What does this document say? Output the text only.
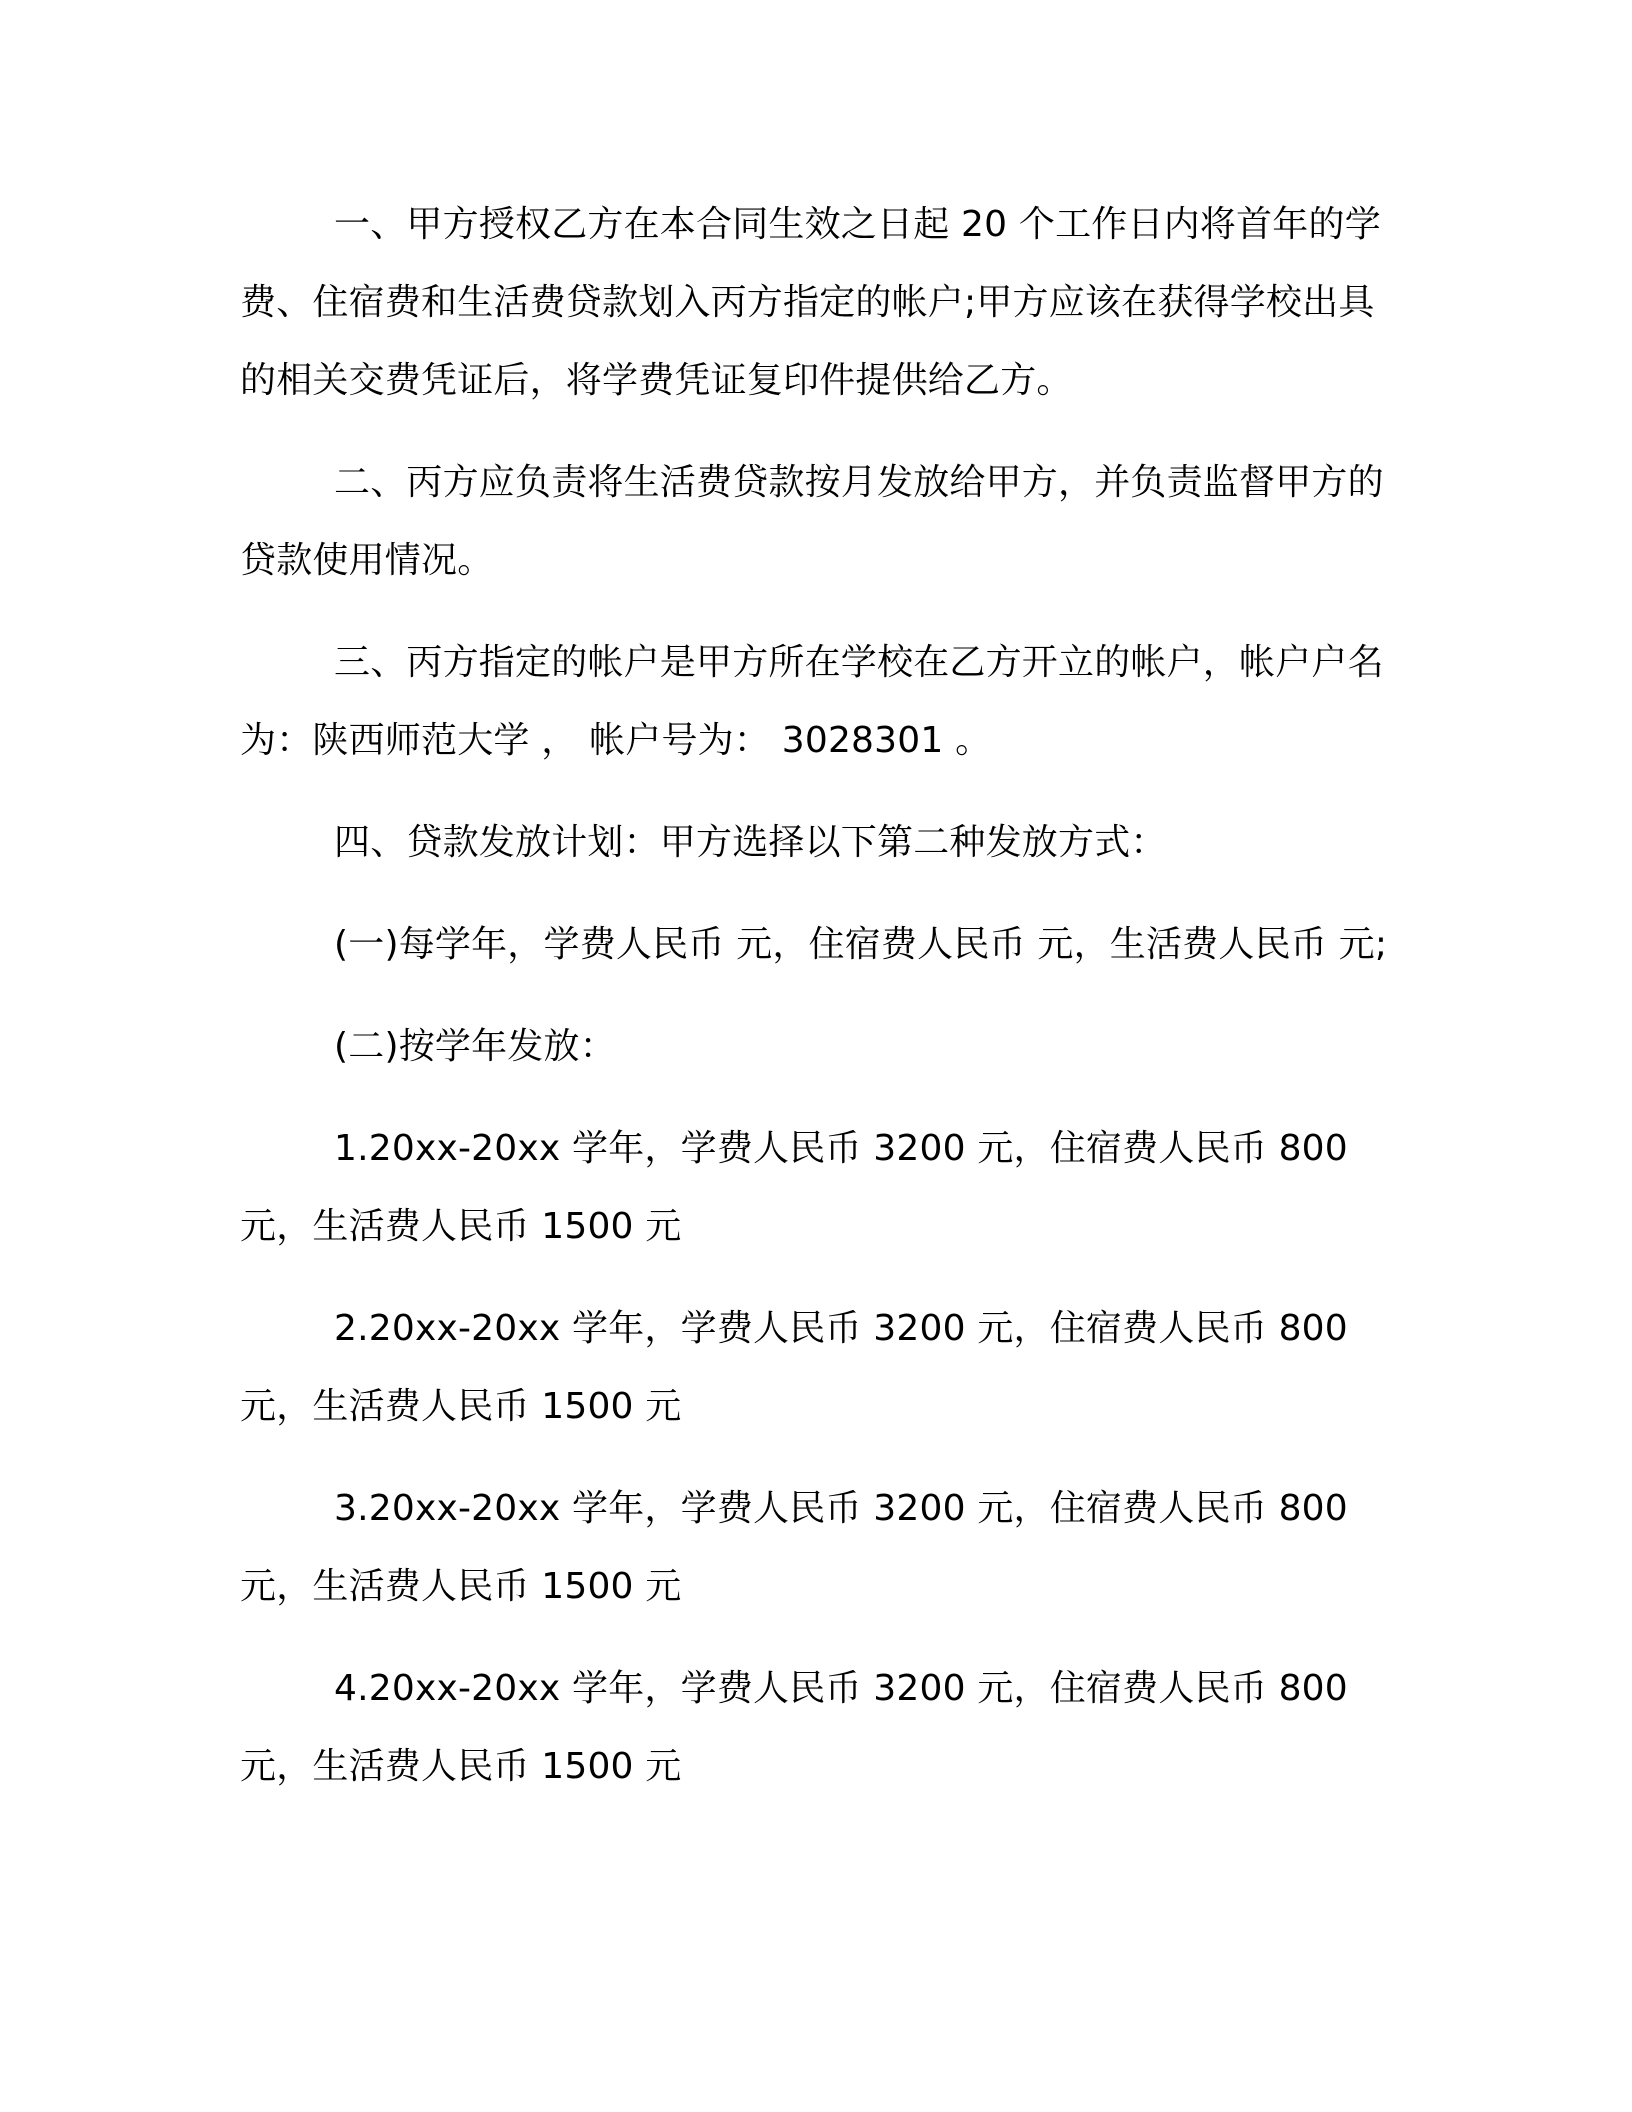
一、甲方授权乙方在本合同生效之日起 20 个工作日内将首年的学费、住宿费和生活费贷款划入丙方指定的帐户;甲方应该在获得学校出具的相关交费凭证后，将学费凭证复印件提供给乙方。

二、丙方应负责将生活费贷款按月发放给甲方，并负责监督甲方的贷款使用情况。

三、丙方指定的帐户是甲方所在学校在乙方开立的帐户，帐户户名为：陕西师范大学 ， 帐户号为： 3028301 。

四、贷款发放计划：甲方选择以下第二种发放方式：

(一)每学年，学费人民币 元，住宿费人民币 元，生活费人民币 元;

(二)按学年发放：

1.20xx-20xx 学年，学费人民币 3200 元，住宿费人民币 800 元，生活费人民币 1500 元

2.20xx-20xx 学年，学费人民币 3200 元，住宿费人民币 800 元，生活费人民币 1500 元

3.20xx-20xx 学年，学费人民币 3200 元，住宿费人民币 800 元，生活费人民币 1500 元

4.20xx-20xx 学年，学费人民币 3200 元，住宿费人民币 800 元，生活费人民币 1500 元
